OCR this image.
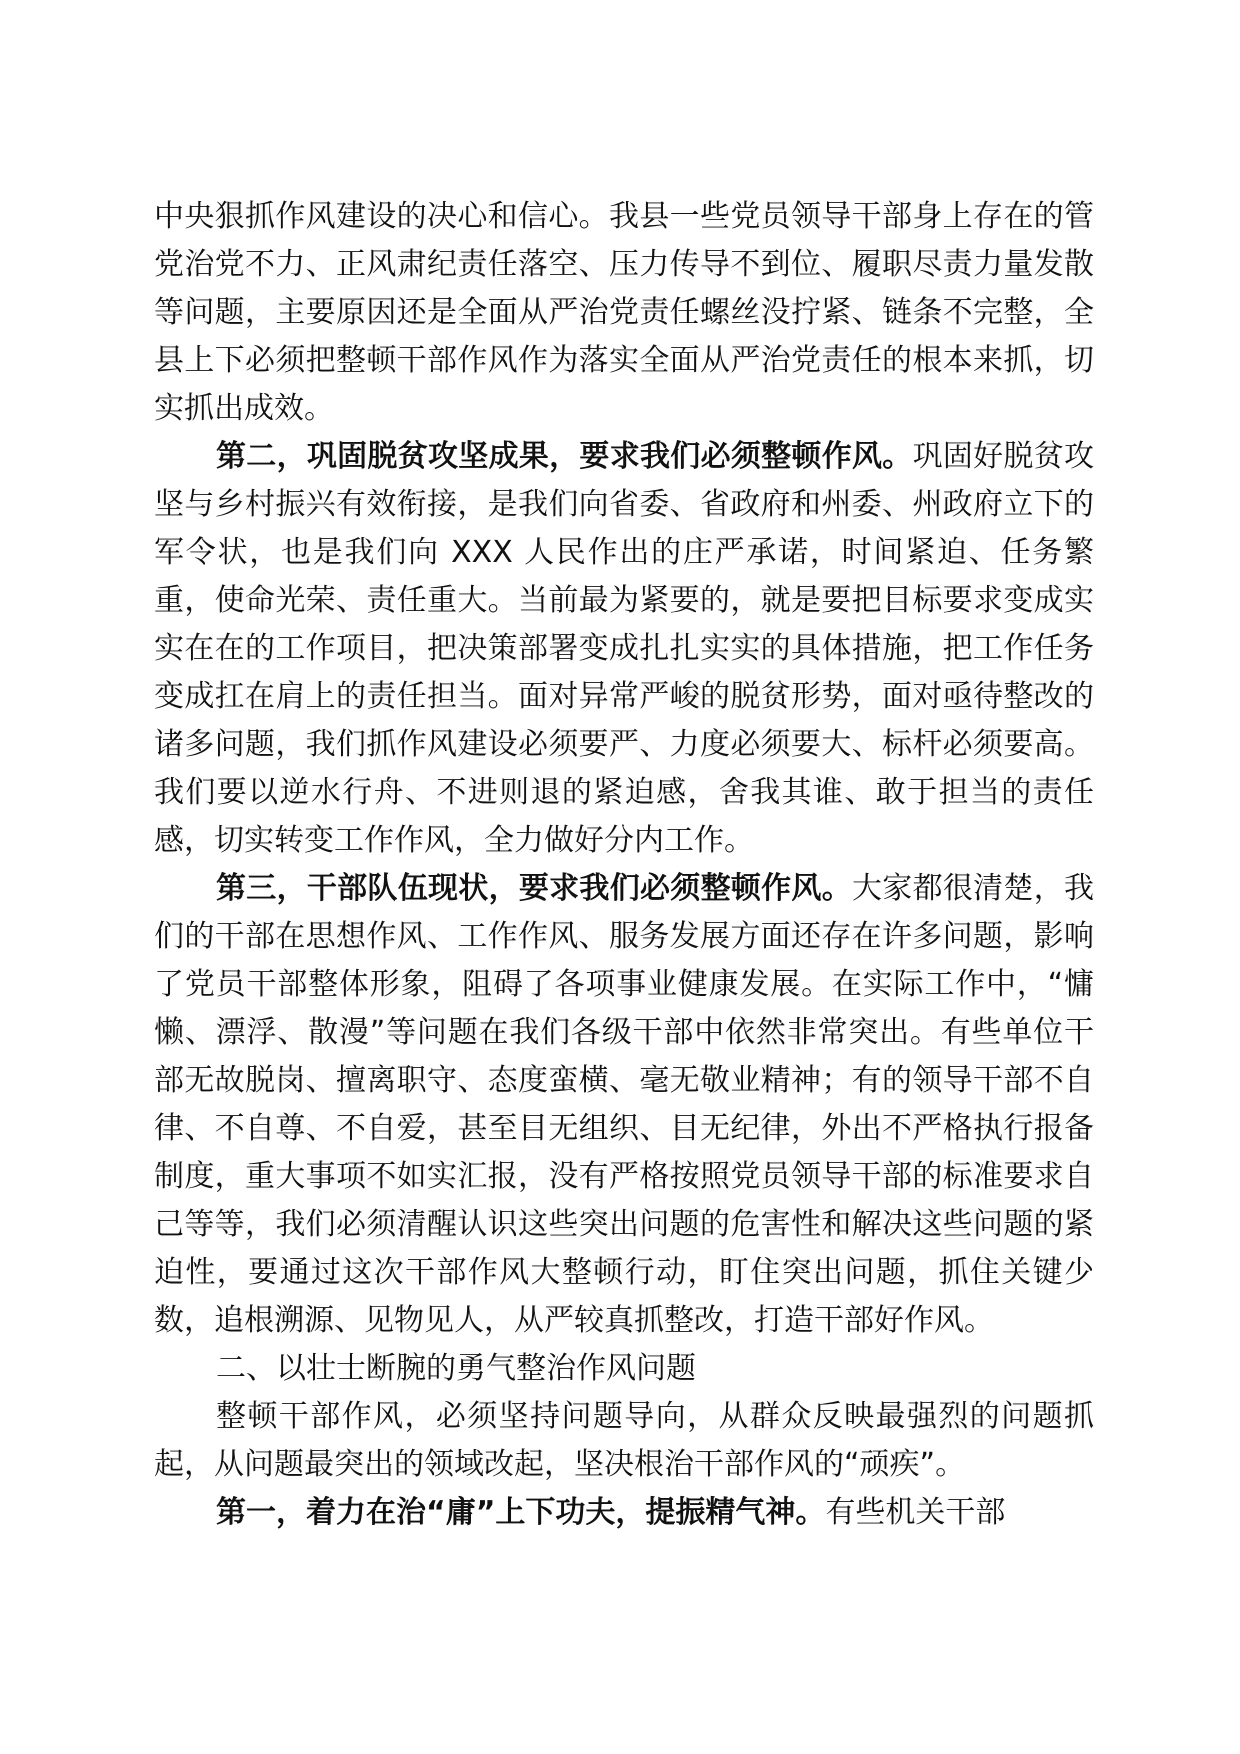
中央狠抓作风建设的决心和信心。我县一些党员领导干部身上存在的管党治党不力、正风肃纪责任落空、压力传导不到位、履职尽责力量发散等问题，主要原因还是全面从严治党责任螺丝没拧紧、链条不完整，全县上下必须把整顿干部作风作为落实全面从严治党责任的根本来抓，切实抓出成效。

第二，巩固脱贫攻坚成果，要求我们必须整顿作风。巩固好脱贫攻坚与乡村振兴有效衔接，是我们向省委、省政府和州委、州政府立下的军令状，也是我们向 XXX 人民作出的庄严承诺，时间紧迫、任务繁重，使命光荣、责任重大。当前最为紧要的，就是要把目标要求变成实实在在的工作项目，把决策部署变成扎扎实实的具体措施，把工作任务变成扛在肩上的责任担当。面对异常严峻的脱贫形势，面对亟待整改的诸多问题，我们抓作风建设必须要严、力度必须要大、标杆必须要高。我们要以逆水行舟、不进则退的紧迫感，舍我其谁、敢于担当的责任感，切实转变工作作风，全力做好分内工作。

第三，干部队伍现状，要求我们必须整顿作风。大家都很清楚，我们的干部在思想作风、工作作风、服务发展方面还存在许多问题，影响了党员干部整体形象，阻碍了各项事业健康发展。在实际工作中，“慵懒、漂浮、散漫”等问题在我们各级干部中依然非常突出。有些单位干部无故脱岗、擅离职守、态度蛮横、毫无敬业精神；有的领导干部不自律、不自尊、不自爱，甚至目无组织、目无纪律，外出不严格执行报备制度，重大事项不如实汇报，没有严格按照党员领导干部的标准要求自己等等，我们必须清醒认识这些突出问题的危害性和解决这些问题的紧迫性，要通过这次干部作风大整顿行动，盯住突出问题，抓住关键少数，追根溯源、见物见人，从严较真抓整改，打造干部好作风。

二、以壮士断腕的勇气整治作风问题

整顿干部作风，必须坚持问题导向，从群众反映最强烈的问题抓起，从问题最突出的领域改起，坚决根治干部作风的“顽疾”。

第一，着力在治“庸”上下功夫，提振精气神。有些机关干部
